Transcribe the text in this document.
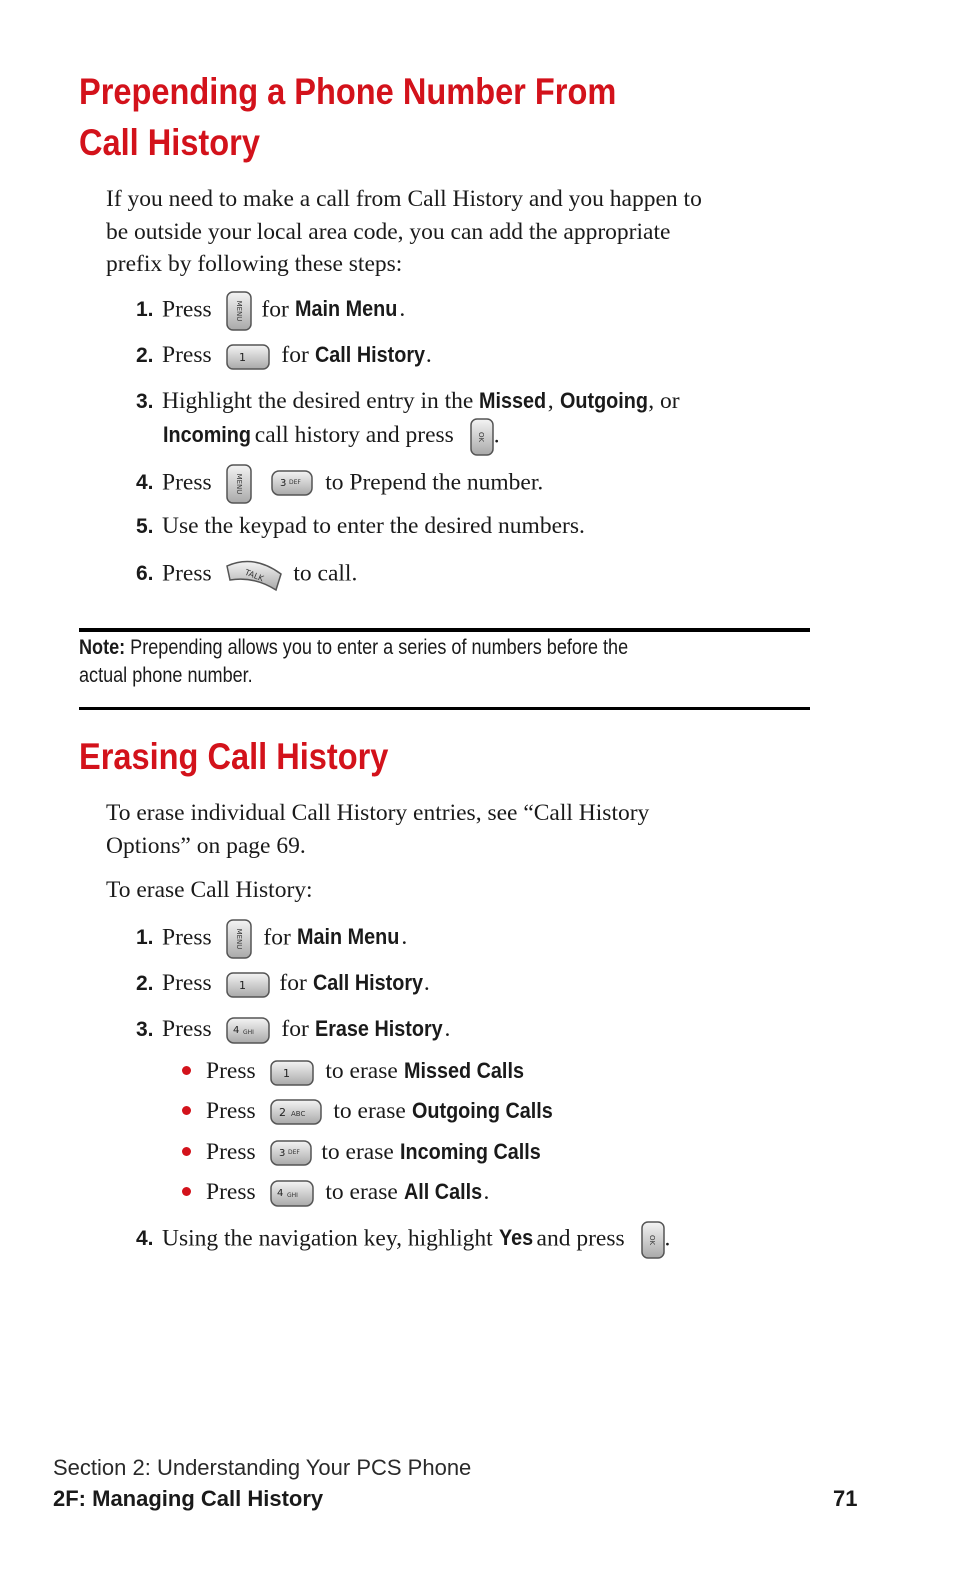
Prepending a Phone Number From
Call History

If you need to make a call from Call History and you happen to
be outside your local area code, you can add the appropriate
prefix by following these steps:

1. Press	MENU for Main Menu .

2. Press 1 for Call History.

3. Highlight the desired entry in the Missed, Outgoing, or
Incoming call history and press	OK .

4. Press	MENU
	3 DEF to Prepend the number.

5. Use the keypad to enter the desired numbers.

6. Press	TALK to call.

Note: Prepending allows you to enter a series of numbers before the
actual phone number.

Erasing Call History

To erase individual Call History entries, see “Call History
Options” on page 69.

To erase Call History:

1. Press	MENU for Main Menu .

2. Press 1 for Call History.

3. Press 4 GHI for Erase History.

Press 1 to erase Missed Calls

Press 2 ABC to erase Outgoing Calls

Press 3 DEF to erase Incoming Calls

Press 4 GHI to erase All Calls.

4. Using the navigation key, highlight Yes and press	OK .

Section 2: Understanding Your PCS Phone

2F: Managing Call History	71
